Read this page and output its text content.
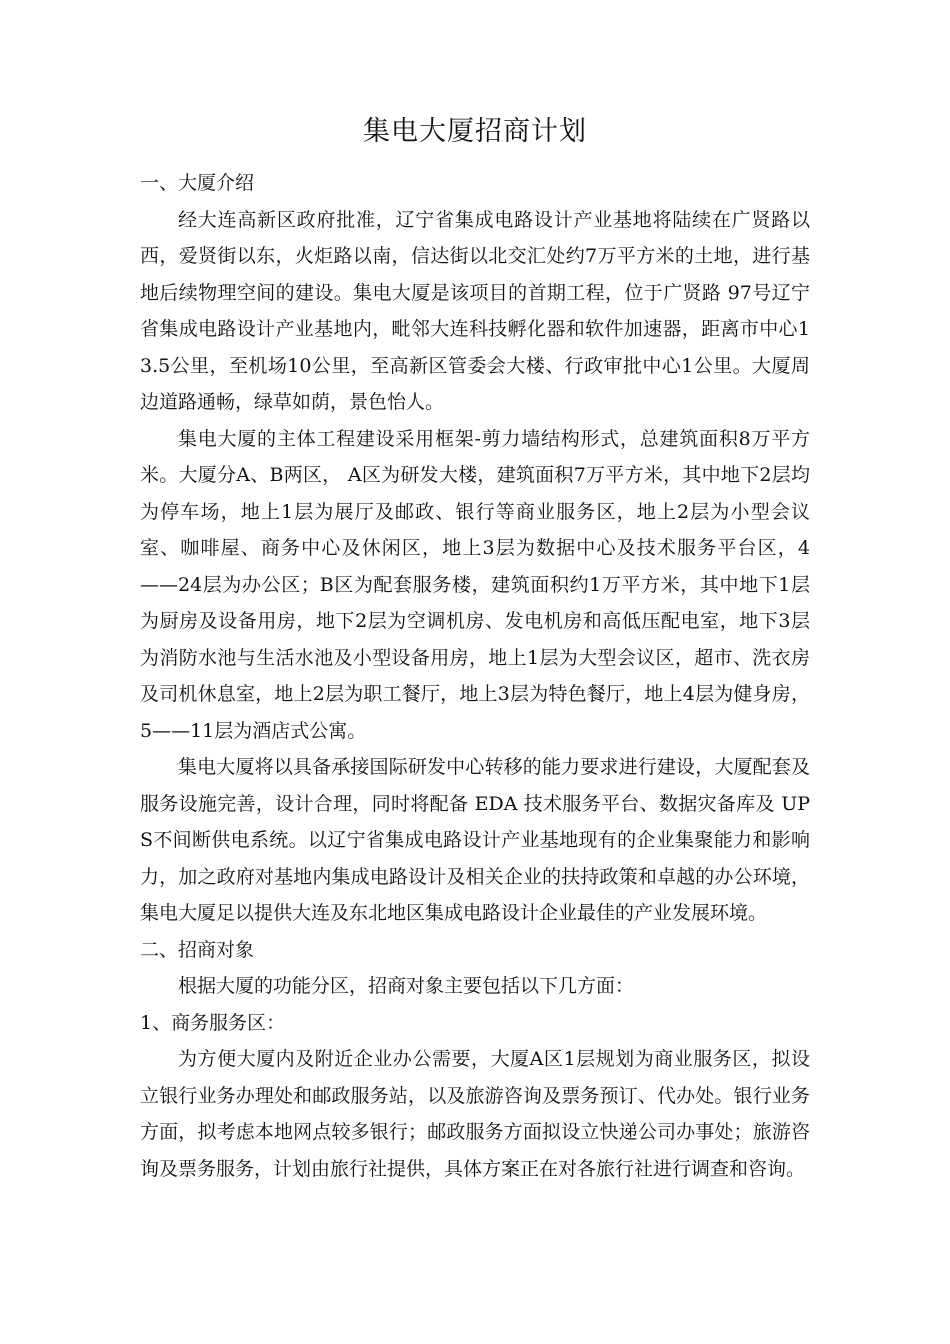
集电大厦招商计划

一、大厦介绍

经大连高新区政府批准，辽宁省集成电路设计产业基地将陆续在广贤路以西，爱贤街以东，火炬路以南，信达街以北交汇处约7万平方米的土地，进行基地后续物理空间的建设。集电大厦是该项目的首期工程，位于广贤路 97号辽宁省集成电路设计产业基地内，毗邻大连科技孵化器和软件加速器，距离市中心13.5公里，至机场10公里，至高新区管委会大楼、行政审批中心1公里。大厦周边道路通畅，绿草如荫，景色怡人。

集电大厦的主体工程建设采用框架-剪力墙结构形式，总建筑面积8万平方米。大厦分A、B两区， A区为研发大楼，建筑面积7万平方米，其中地下2层均为停车场，地上1层为展厅及邮政、银行等商业服务区，地上2层为小型会议室、咖啡屋、商务中心及休闲区，地上3层为数据中心及技术服务平台区，4——24层为办公区；B区为配套服务楼，建筑面积约1万平方米，其中地下1层为厨房及设备用房，地下2层为空调机房、发电机房和高低压配电室，地下3层为消防水池与生活水池及小型设备用房，地上1层为大型会议区，超市、洗衣房及司机休息室，地上2层为职工餐厅，地上3层为特色餐厅，地上4层为健身房，5——11层为酒店式公寓。

集电大厦将以具备承接国际研发中心转移的能力要求进行建设，大厦配套及服务设施完善，设计合理，同时将配备 EDA 技术服务平台、数据灾备库及 UPS不间断供电系统。以辽宁省集成电路设计产业基地现有的企业集聚能力和影响力，加之政府对基地内集成电路设计及相关企业的扶持政策和卓越的办公环境，集电大厦足以提供大连及东北地区集成电路设计企业最佳的产业发展环境。

二、招商对象

根据大厦的功能分区，招商对象主要包括以下几方面：

1、商务服务区：

为方便大厦内及附近企业办公需要，大厦A区1层规划为商业服务区，拟设立银行业务办理处和邮政服务站，以及旅游咨询及票务预订、代办处。银行业务方面，拟考虑本地网点较多银行；邮政服务方面拟设立快递公司办事处；旅游咨询及票务服务，计划由旅行社提供，具体方案正在对各旅行社进行调查和咨询。
